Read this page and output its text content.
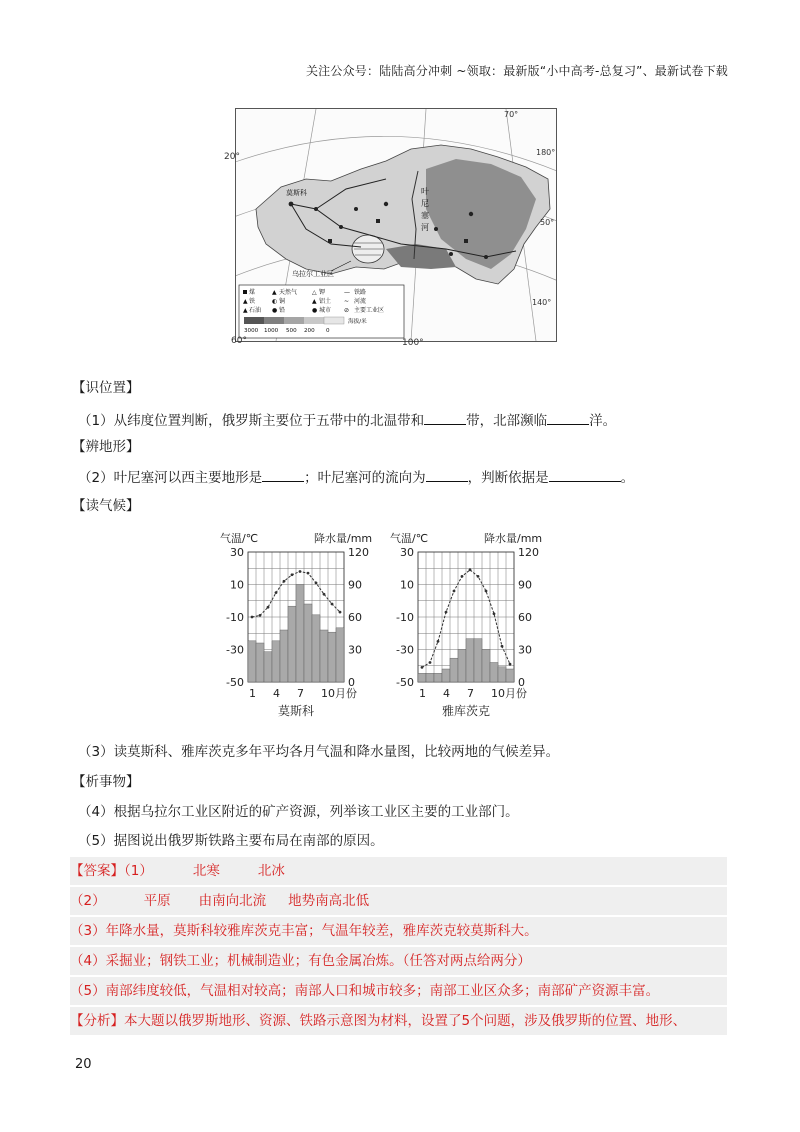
关注公众号：陆陆高分冲刺 ~领取：最新版“小中高考-总复习”、最新试卷下载
莫斯科	叶
尼
塞
河
乌拉尔工业区
70°
180°
50°
140°
煤	▲ 天然气 △ 钾	— 铁路
▲ 铁	◐ 铜	▲ 铝土 ~ 河流
▲ 石油 ● 铅	● 城市 ⊘ 主要工业区
3000 1000 500 200 0
海拔/米
20°
60°	100°
【识位置】
（1）从纬度位置判断，俄罗斯主要位于五带中的北温带和	带，北部濒临	洋。
【辨地形】
（2）叶尼塞河以西主要地形是	；叶尼塞河的流向为	，判断依据是	。
【读气候】
30
10
-10
-30
-50
120
90
60
30
0
1 4 7 10月份
气温/℃	降水量/mm
莫斯科
30
10
-10
-30
-50
120
90
60
30
0
1 4 7 10月份
气温/℃	降水量/mm
雅库茨克
（3）读莫斯科、雅库茨克多年平均各月气温和降水量图，比较两地的气候差异。
【析事物】
（4）根据乌拉尔工业区附近的矿产资源，列举该工业区主要的工业部门。
（5）据图说出俄罗斯铁路主要布局在南部的原因。
【答案】（1）	北寒	北冰
（2）	平原 由南向北流 地势南高北低
（3）年降水量，莫斯科较雅库茨克丰富；气温年较差，雅库茨克较莫斯科大。
（4）采掘业；钢铁工业；机械制造业；有色金属冶炼。（任答对两点给两分）
（5）南部纬度较低，气温相对较高；南部人口和城市较多；南部工业区众多；南部矿产资源丰富。
【分析】本大题以俄罗斯地形、资源、铁路示意图为材料，设置了5个问题，涉及俄罗斯的位置、地形、
20
